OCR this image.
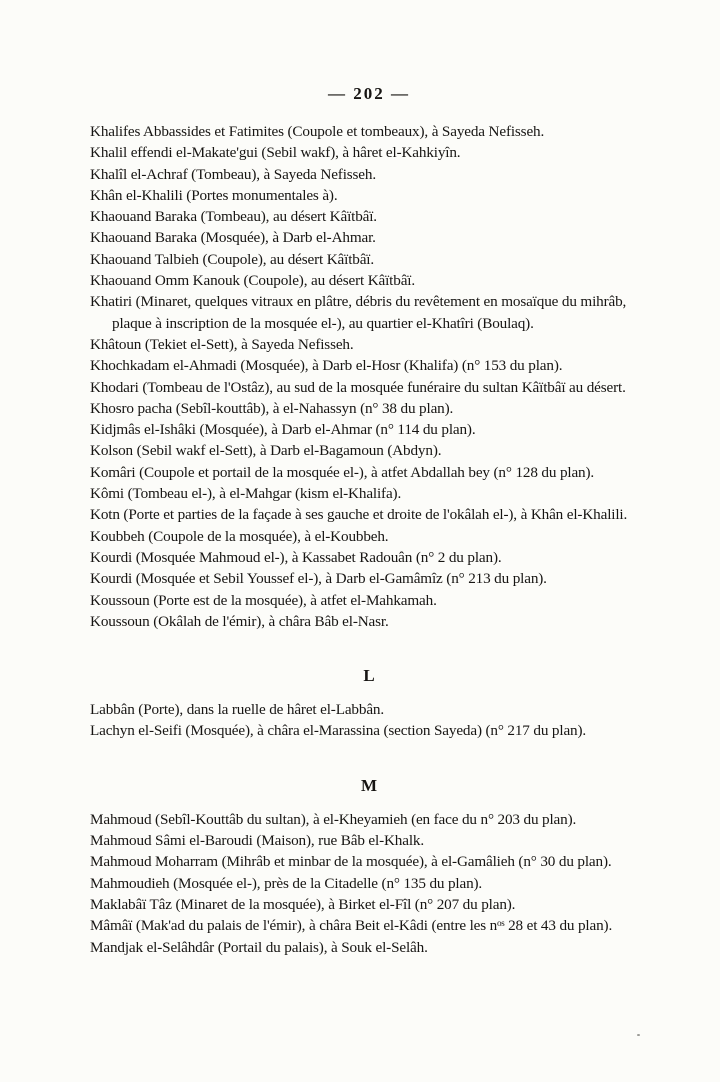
— 202 —

Khalifes Abbassides et Fatimites (Coupole et tombeaux), à Sayeda Nefisseh.

Khalil effendi el-Makate'gui (Sebil wakf), à hâret el-Kahkiyîn.

Khalîl el-Achraf (Tombeau), à Sayeda Nefisseh.

Khân el-Khalili (Portes monumentales à).

Khaouand Baraka (Tombeau), au désert Kâïtbâï.

Khaouand Baraka (Mosquée), à Darb el-Ahmar.

Khaouand Talbieh (Coupole), au désert Kâïtbâï.

Khaouand Omm Kanouk (Coupole), au désert Kâïtbâï.

Khatiri (Minaret, quelques vitraux en plâtre, débris du revêtement en mosaïque du mihrâb, plaque à inscription de la mosquée el-), au quartier el-Khatîri (Boulaq).

Khâtoun (Tekiet el-Sett), à Sayeda Nefisseh.

Khochkadam el-Ahmadi (Mosquée), à Darb el-Hosr (Khalifa) (n° 153 du plan).

Khodari (Tombeau de l'Ostâz), au sud de la mosquée funéraire du sultan Kâïtbâï au désert.

Khosro pacha (Sebîl-kouttâb), à el-Nahassyn (n° 38 du plan).

Kidjmâs el-Ishâki (Mosquée), à Darb el-Ahmar (n° 114 du plan).

Kolson (Sebil wakf el-Sett), à Darb el-Bagamoun (Abdyn).

Komâri (Coupole et portail de la mosquée el-), à atfet Abdallah bey (n° 128 du plan).

Kômi (Tombeau el-), à el-Mahgar (kism el-Khalifa).

Kotn (Porte et parties de la façade à ses gauche et droite de l'okâlah el-), à Khân el-Khalili.

Koubbeh (Coupole de la mosquée), à el-Koubbeh.

Kourdi (Mosquée Mahmoud el-), à Kassabet Radouân (n° 2 du plan).

Kourdi (Mosquée et Sebil Youssef el-), à Darb el-Gamâmîz (n° 213 du plan).

Koussoun (Porte est de la mosquée), à atfet el-Mahkamah.

Koussoun (Okâlah de l'émir), à châra Bâb el-Nasr.

L

Labbân (Porte), dans la ruelle de hâret el-Labbân.

Lachyn el-Seifi (Mosquée), à châra el-Marassina (section Sayeda) (n° 217 du plan).

M

Mahmoud (Sebîl-Kouttâb du sultan), à el-Kheyamieh (en face du n° 203 du plan).

Mahmoud Sâmi el-Baroudi (Maison), rue Bâb el-Khalk.

Mahmoud Moharram (Mihrâb et minbar de la mosquée), à el-Gamâlieh (n° 30 du plan).

Mahmoudieh (Mosquée el-), près de la Citadelle (n° 135 du plan).

Maklabâï Tâz (Minaret de la mosquée), à Birket el-Fîl (n° 207 du plan).

Mâmâï (Mak'ad du palais de l'émir), à châra Beit el-Kâdi (entre les nᵒˢ 28 et 43 du plan).

Mandjak el-Selâhdâr (Portail du palais), à Souk el-Selâh.
